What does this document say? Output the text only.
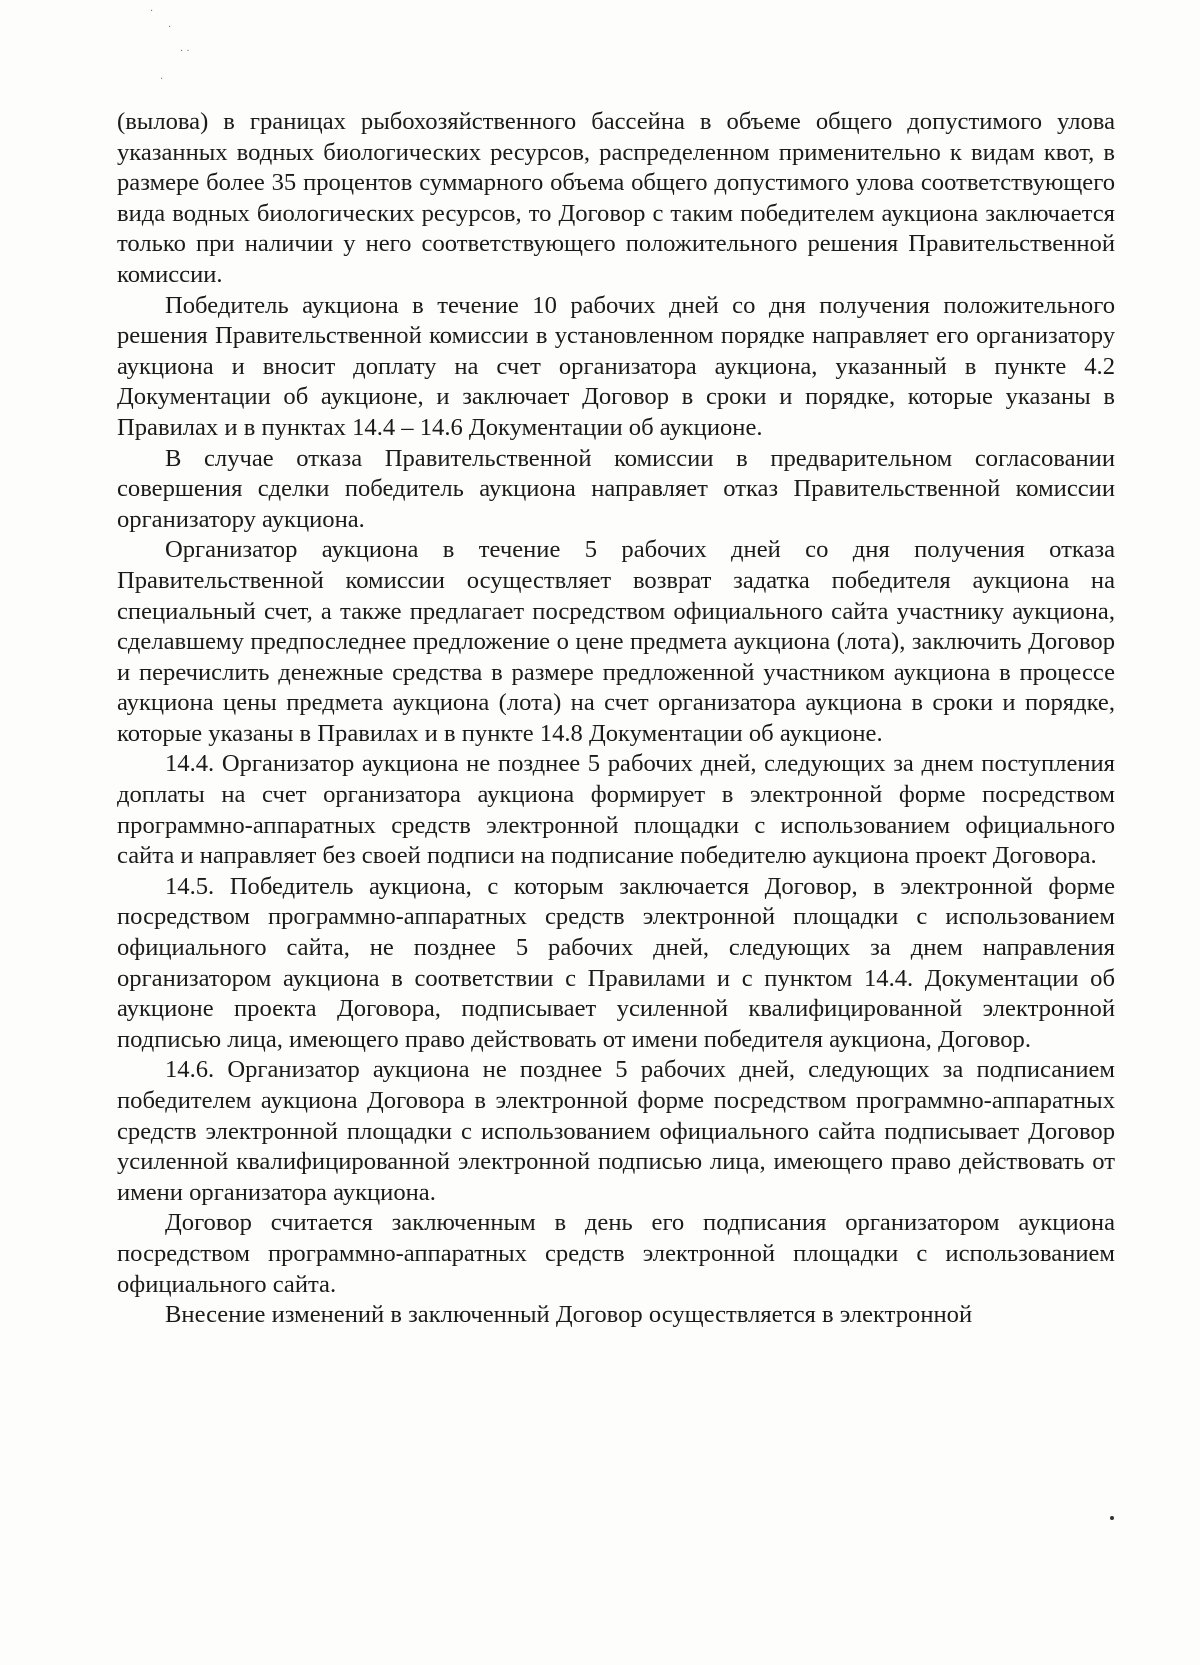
·
·
· ·
·

(вылова) в границах рыбохозяйственного бассейна в объеме общего допустимого улова указанных водных биологических ресурсов, распределенном применительно к видам квот, в размере более 35 процентов суммарного объема общего допустимого улова соответствующего вида водных биологических ресурсов, то Договор с таким победителем аукциона заключается только при наличии у него соответствующего положительного решения Правительственной комиссии.

Победитель аукциона в течение 10 рабочих дней со дня получения положительного решения Правительственной комиссии в установленном порядке направляет его организатору аукциона и вносит доплату на счет организатора аукциона, указанный в пункте 4.2 Документации об аукционе, и заключает Договор в сроки и порядке, которые указаны в Правилах и в пунктах 14.4 – 14.6 Документации об аукционе.

В случае отказа Правительственной комиссии в предварительном согласовании совершения сделки победитель аукциона направляет отказ Правительственной комиссии организатору аукциона.

Организатор аукциона в течение 5 рабочих дней со дня получения отказа Правительственной комиссии осуществляет возврат задатка победителя аукциона на специальный счет, а также предлагает посредством официального сайта участнику аукциона, сделавшему предпоследнее предложение о цене предмета аукциона (лота), заключить Договор и перечислить денежные средства в размере предложенной участником аукциона в процессе аукциона цены предмета аукциона (лота) на счет организатора аукциона в сроки и порядке, которые указаны в Правилах и в пункте 14.8 Документации об аукционе.

14.4. Организатор аукциона не позднее 5 рабочих дней, следующих за днем поступления доплаты на счет организатора аукциона формирует в электронной форме посредством программно-аппаратных средств электронной площадки с использованием официального сайта и направляет без своей подписи на подписание победителю аукциона проект Договора.

14.5. Победитель аукциона, с которым заключается Договор, в электронной форме посредством программно-аппаратных средств электронной площадки с использованием официального сайта, не позднее 5 рабочих дней, следующих за днем направления организатором аукциона в соответствии с Правилами и с пунктом 14.4. Документации об аукционе проекта Договора, подписывает усиленной квалифицированной электронной подписью лица, имеющего право действовать от имени победителя аукциона, Договор.

14.6. Организатор аукциона не позднее 5 рабочих дней, следующих за подписанием победителем аукциона Договора в электронной форме посредством программно-аппаратных средств электронной площадки с использованием официального сайта подписывает Договор усиленной квалифицированной электронной подписью лица, имеющего право действовать от имени организатора аукциона.

Договор считается заключенным в день его подписания организатором аукциона посредством программно-аппаратных средств электронной площадки с использованием официального сайта.

Внесение изменений в заключенный Договор осуществляется в электронной
